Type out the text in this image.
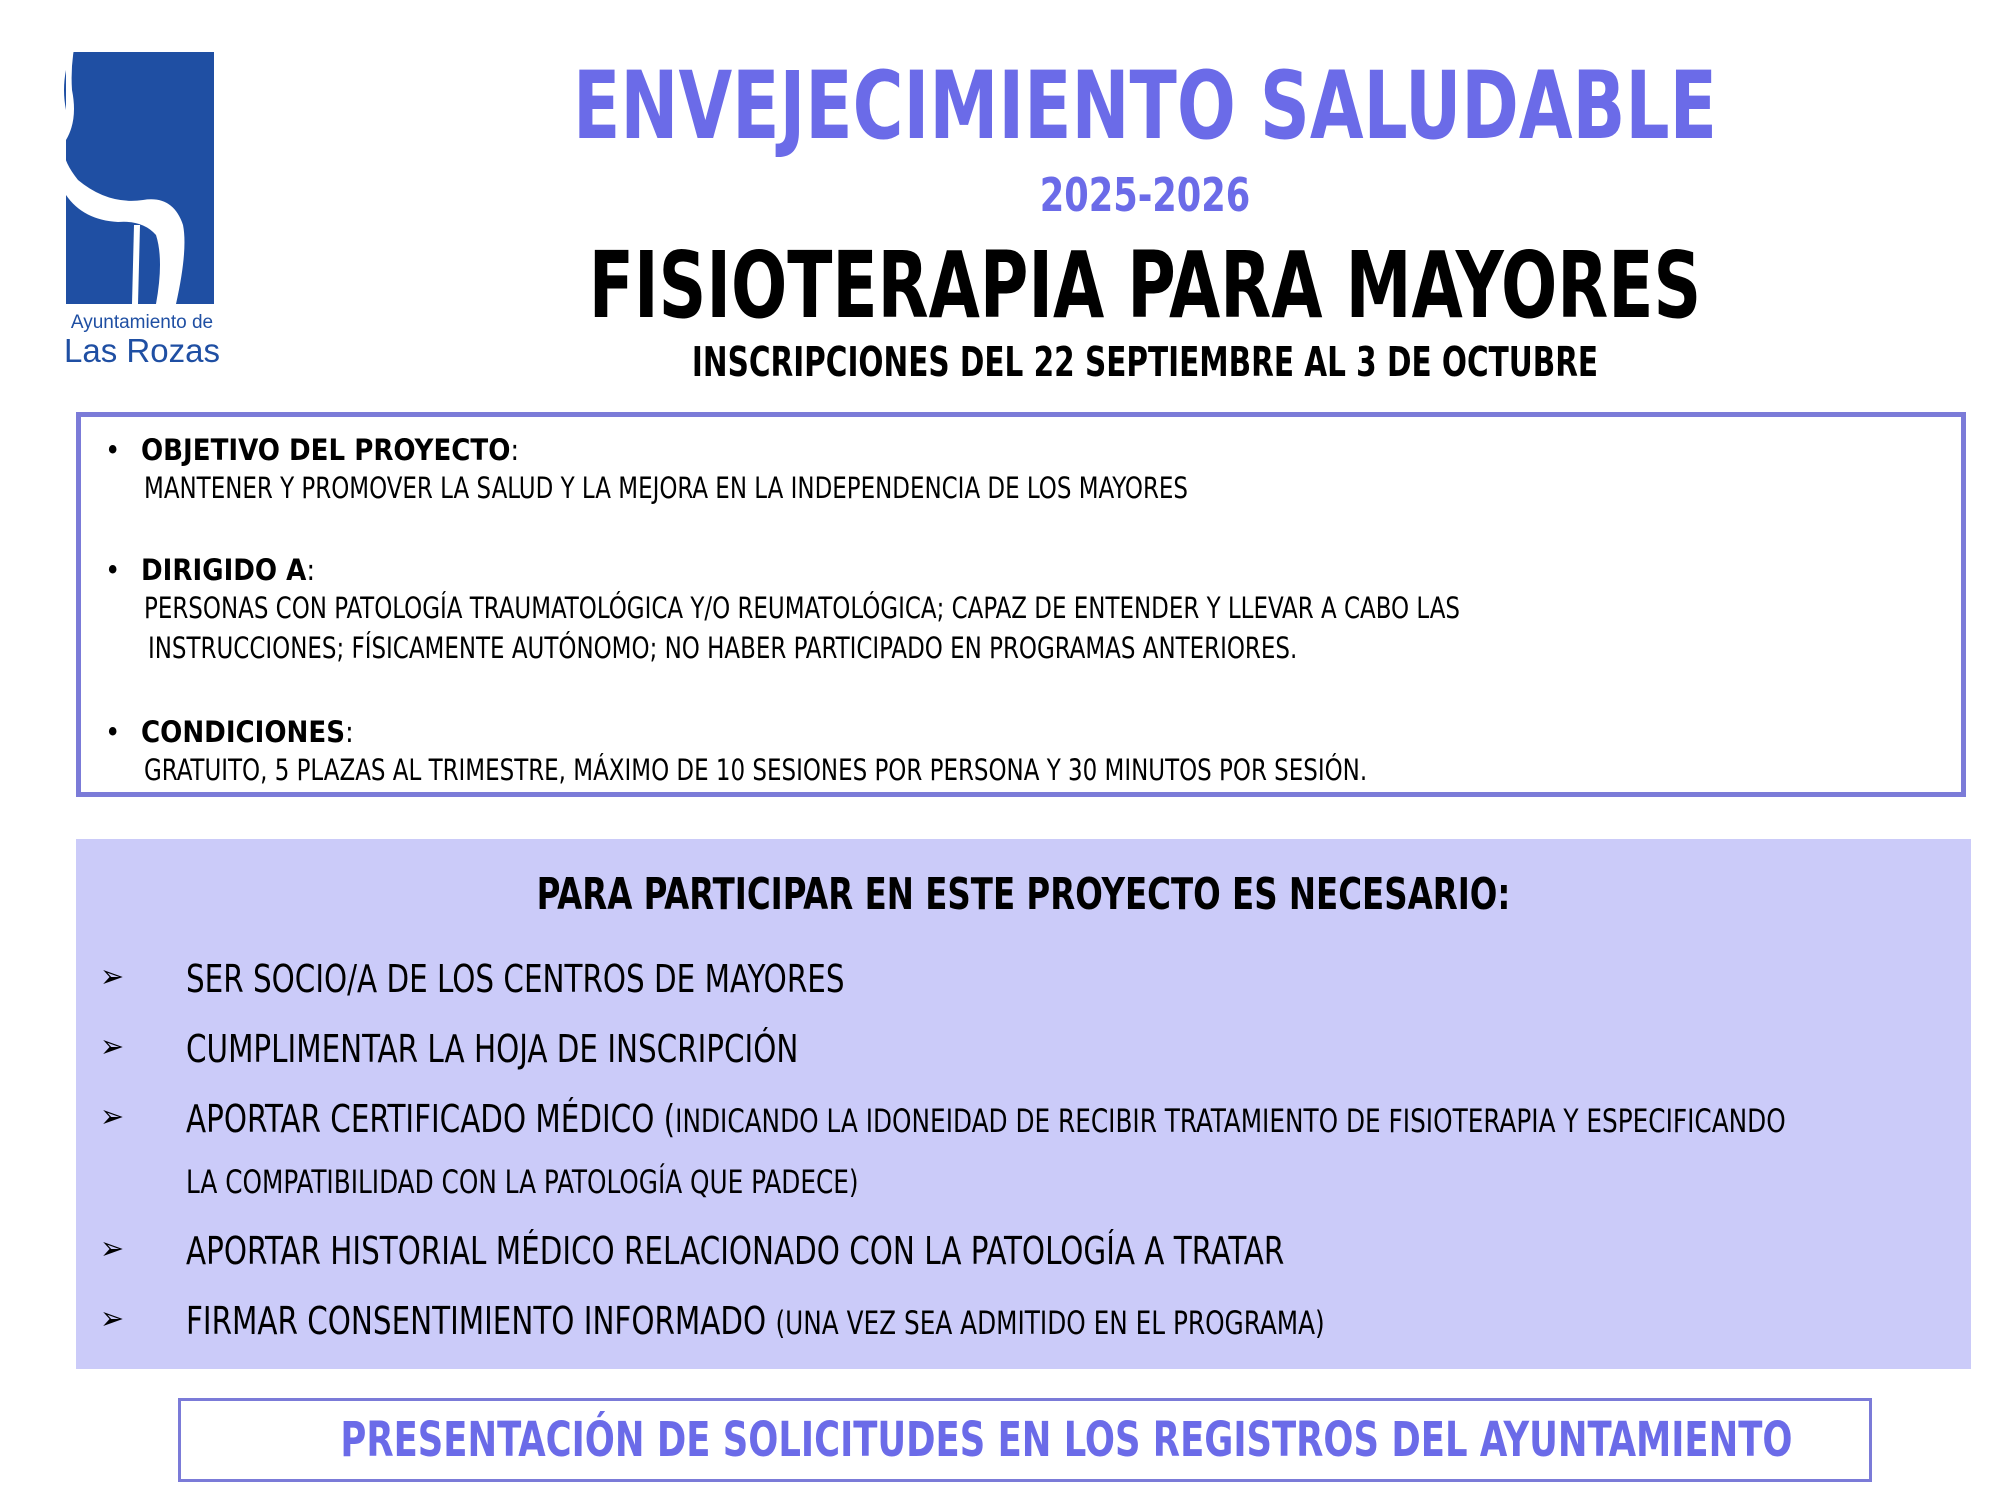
Ayuntamiento de
Las Rozas
ENVEJECIMIENTO SALUDABLE
2025-2026
FISIOTERAPIA PARA MAYORES
INSCRIPCIONES DEL 22 SEPTIEMBRE AL 3 DE OCTUBRE
• OBJETIVO DEL PROYECTO:
MANTENER Y PROMOVER LA SALUD Y LA MEJORA EN LA INDEPENDENCIA DE LOS MAYORES
• DIRIGIDO A:
PERSONAS CON PATOLOGÍA TRAUMATOLÓGICA Y/O REUMATOLÓGICA; CAPAZ DE ENTENDER Y LLEVAR A CABO LAS
INSTRUCCIONES; FÍSICAMENTE AUTÓNOMO; NO HABER PARTICIPADO EN PROGRAMAS ANTERIORES.
• CONDICIONES:
GRATUITO, 5 PLAZAS AL TRIMESTRE, MÁXIMO DE 10 SESIONES POR PERSONA Y 30 MINUTOS POR SESIÓN.
PARA PARTICIPAR EN ESTE PROYECTO ES NECESARIO:
➢ SER SOCIO/A DE LOS CENTROS DE MAYORES
➢ CUMPLIMENTAR LA HOJA DE INSCRIPCIÓN
➢ APORTAR CERTIFICADO MÉDICO (INDICANDO LA IDONEIDAD DE RECIBIR TRATAMIENTO DE FISIOTERAPIA Y ESPECIFICANDO
LA COMPATIBILIDAD CON LA PATOLOGÍA QUE PADECE)
➢ APORTAR HISTORIAL MÉDICO RELACIONADO CON LA PATOLOGÍA A TRATAR
➢ FIRMAR CONSENTIMIENTO INFORMADO (UNA VEZ SEA ADMITIDO EN EL PROGRAMA)
PRESENTACIÓN DE SOLICITUDES EN LOS REGISTROS DEL AYUNTAMIENTO
